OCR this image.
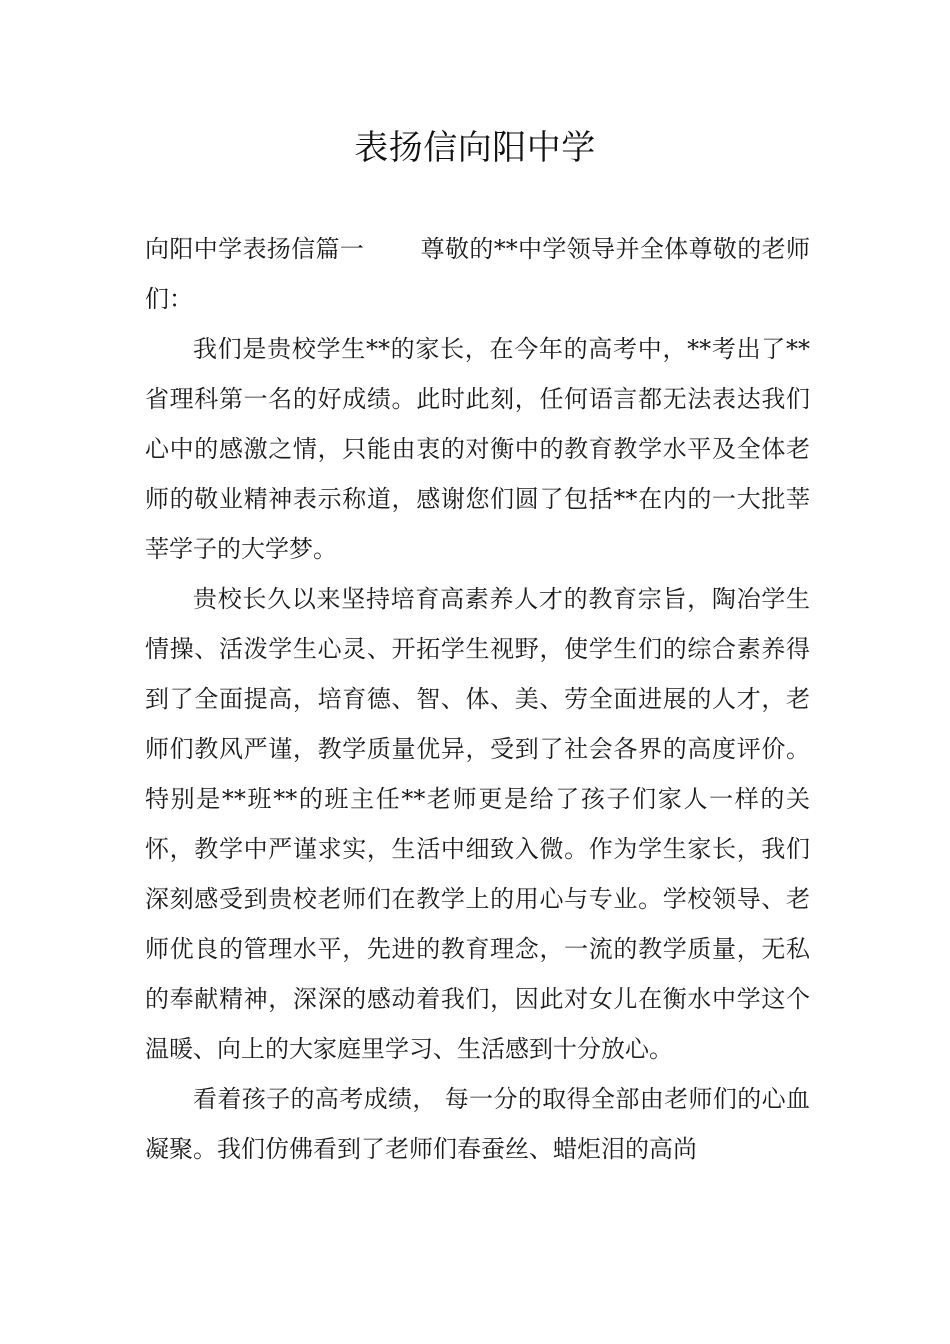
表扬信向阳中学

向阳中学表扬信篇一 尊敬的**中学领导并全体尊敬的老师们：

我们是贵校学生**的家长，在今年的高考中，**考出了**省理科第一名的好成绩。此时此刻，任何语言都无法表达我们心中的感激之情，只能由衷的对衡中的教育教学水平及全体老师的敬业精神表示称道，感谢您们圆了包括**在内的一大批莘莘学子的大学梦。

贵校长久以来坚持培育高素养人才的教育宗旨，陶冶学生情操、活泼学生心灵、开拓学生视野，使学生们的综合素养得到了全面提高，培育德、智、体、美、劳全面进展的人才，老师们教风严谨，教学质量优异，受到了社会各界的高度评价。特别是**班**的班主任**老师更是给了孩子们家人一样的关怀，教学中严谨求实，生活中细致入微。作为学生家长，我们深刻感受到贵校老师们在教学上的用心与专业。学校领导、老师优良的管理水平，先进的教育理念，一流的教学质量，无私的奉献精神，深深的感动着我们，因此对女儿在衡水中学这个温暖、向上的大家庭里学习、生活感到十分放心。

看着孩子的高考成绩， 每一分的取得全部由老师们的心血凝聚。我们仿佛看到了老师们春蚕丝、蜡炬泪的高尚
